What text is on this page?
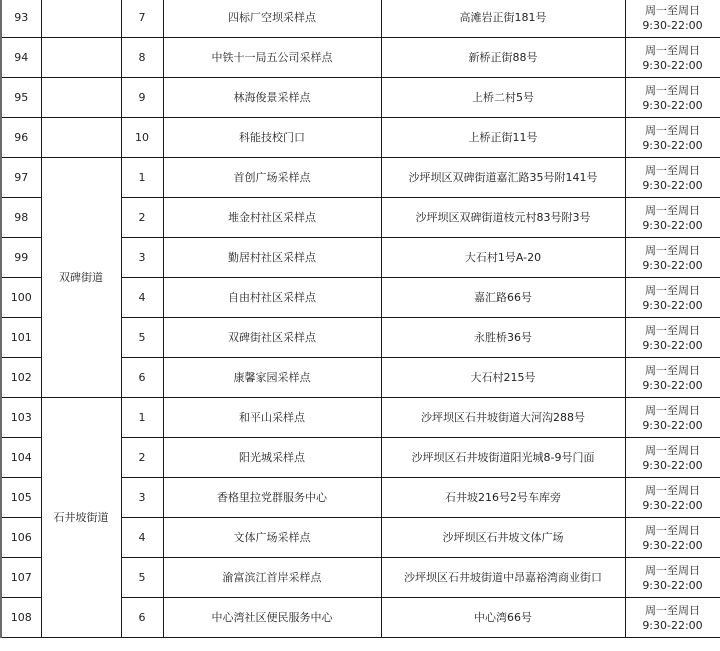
93		7	四标厂空坝采样点	高滩岩正街181号	周一至周日
9:30-22:00

94		8	中铁十一局五公司采样点	新桥正街88号	周一至周日
9:30-22:00

95		9	林海俊景采样点	上桥二村5号	周一至周日
9:30-22:00

96		10	科能技校门口	上桥正街11号	周一至周日
9:30-22:00

97	双碑街道	1	首创广场采样点	沙坪坝区双碑街道嘉汇路35号附141号	周一至周日
9:30-22:00

98		2	堆金村社区采样点	沙坪坝区双碑街道枝元村83号附3号	周一至周日
9:30-22:00

99		3	勤居村社区采样点	大石村1号A-20	周一至周日
9:30-22:00

100		4	自由村社区采样点	嘉汇路66号	周一至周日
9:30-22:00

101		5	双碑街社区采样点	永胜桥36号	周一至周日
9:30-22:00

102		6	康馨家园采样点	大石村215号	周一至周日
9:30-22:00

103	石井坡街道	1	和平山采样点	沙坪坝区石井坡街道大河沟288号	周一至周日
9:30-22:00

104		2	阳光城采样点	沙坪坝区石井坡街道阳光城8-9号门面	周一至周日
9:30-22:00

105		3	香格里拉党群服务中心	石井坡216号2号车库旁	周一至周日
9:30-22:00

106		4	文体广场采样点	沙坪坝区石井坡文体广场	周一至周日
9:30-22:00

107		5	渝富滨江首岸采样点	沙坪坝区石井坡街道中昂嘉裕湾商业街口	周一至周日
9:30-22:00

108		6	中心湾社区便民服务中心	中心湾66号	周一至周日
9:30-22:00
